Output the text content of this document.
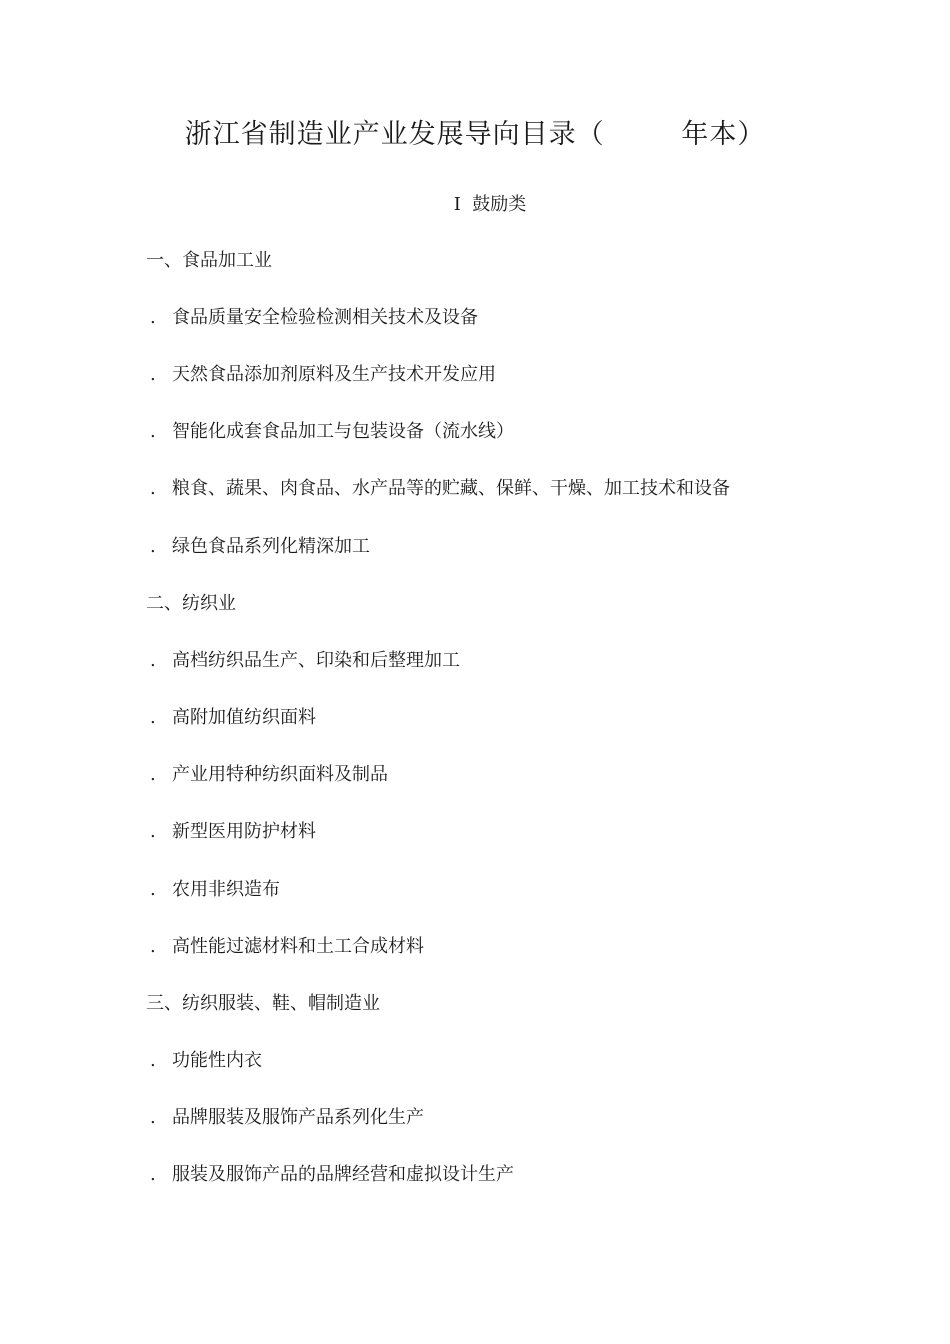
浙江省制造业产业发展导向目录（        年本）
Ⅰ  鼓励类
一、食品加工业
. 食品质量安全检验检测相关技术及设备
. 天然食品添加剂原料及生产技术开发应用
. 智能化成套食品加工与包装设备（流水线）
. 粮食、蔬果、肉食品、水产品等的贮藏、保鲜、干燥、加工技术和设备
. 绿色食品系列化精深加工
二、纺织业
. 高档纺织品生产、印染和后整理加工
. 高附加值纺织面料
. 产业用特种纺织面料及制品
. 新型医用防护材料
. 农用非织造布
. 高性能过滤材料和土工合成材料
三、纺织服装、鞋、帽制造业
. 功能性内衣
. 品牌服装及服饰产品系列化生产
. 服装及服饰产品的品牌经营和虚拟设计生产
